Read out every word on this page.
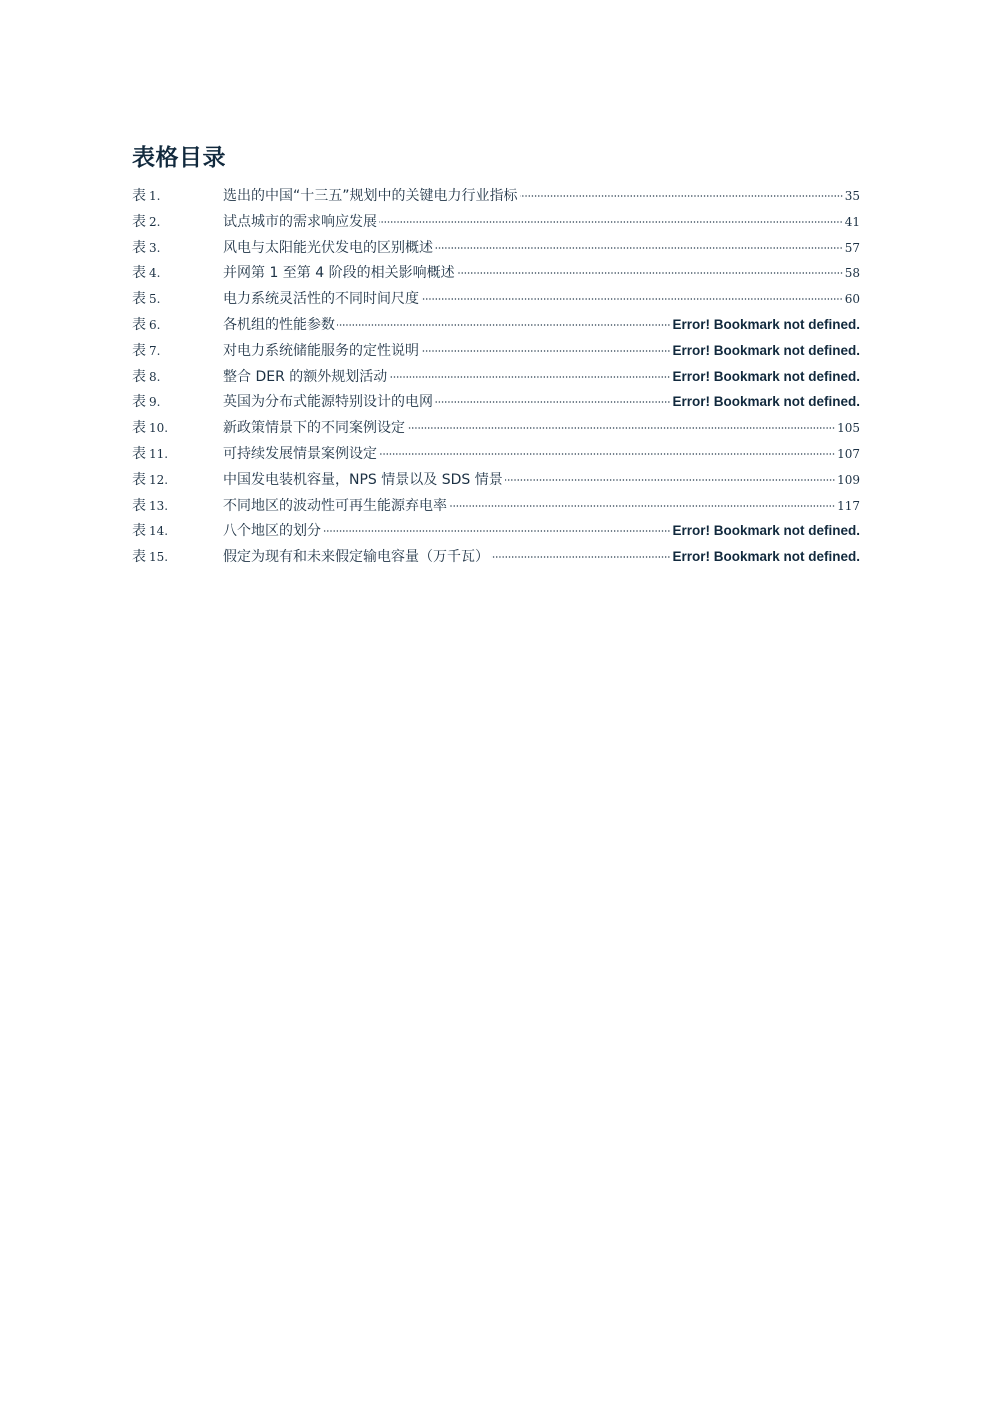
表格目录
表 1.	选出的中国“十三五”规划中的关键电力行业指标	35
表 2.	试点城市的需求响应发展	41
表 3.	风电与太阳能光伏发电的区别概述	57
表 4.	并网第 1 至第 4 阶段的相关影响概述	58
表 5.	电力系统灵活性的不同时间尺度	60
表 6.	各机组的性能参数	Error! Bookmark not defined.
表 7.	对电力系统储能服务的定性说明	Error! Bookmark not defined.
表 8.	整合 DER 的额外规划活动	Error! Bookmark not defined.
表 9.	英国为分布式能源特别设计的电网	Error! Bookmark not defined.
表 10.	新政策情景下的不同案例设定	105
表 11.	可持续发展情景案例设定	107
表 12.	中国发电装机容量，NPS 情景以及 SDS 情景	109
表 13.	不同地区的波动性可再生能源弃电率	117
表 14.	八个地区的划分	Error! Bookmark not defined.
表 15.	假定为现有和未来假定输电容量（万千瓦）	Error! Bookmark not defined.
